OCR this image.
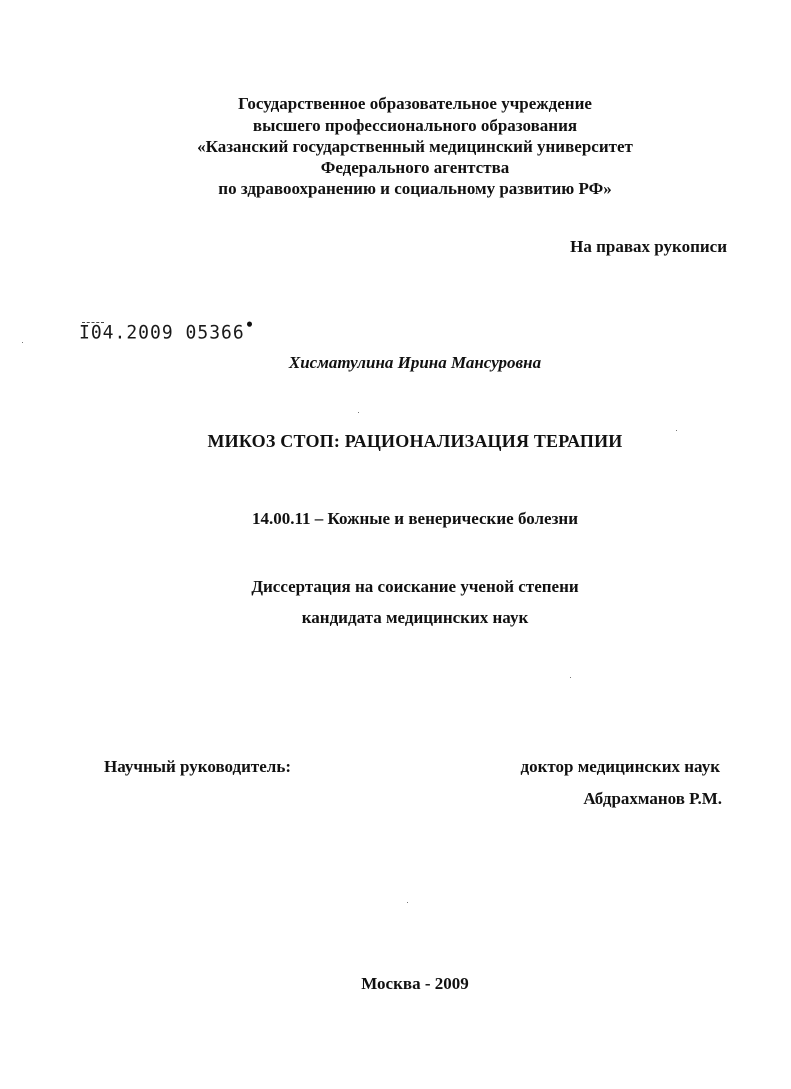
Государственное образовательное учреждение
высшего профессионального образования
«Казанский государственный медицинский университет
Федерального агентства
по здравоохранению и социальному развитию РФ»
На правах рукописи
I04.2009 05366
Хисматулина Ирина Мансуровна
МИКОЗ СТОП: РАЦИОНАЛИЗАЦИЯ ТЕРАПИИ
14.00.11 – Кожные и венерические болезни
Диссертация на соискание ученой степени
кандидата медицинских наук
Научный руководитель:	доктор медицинских наук
Абдрахманов Р.М.
Москва - 2009
